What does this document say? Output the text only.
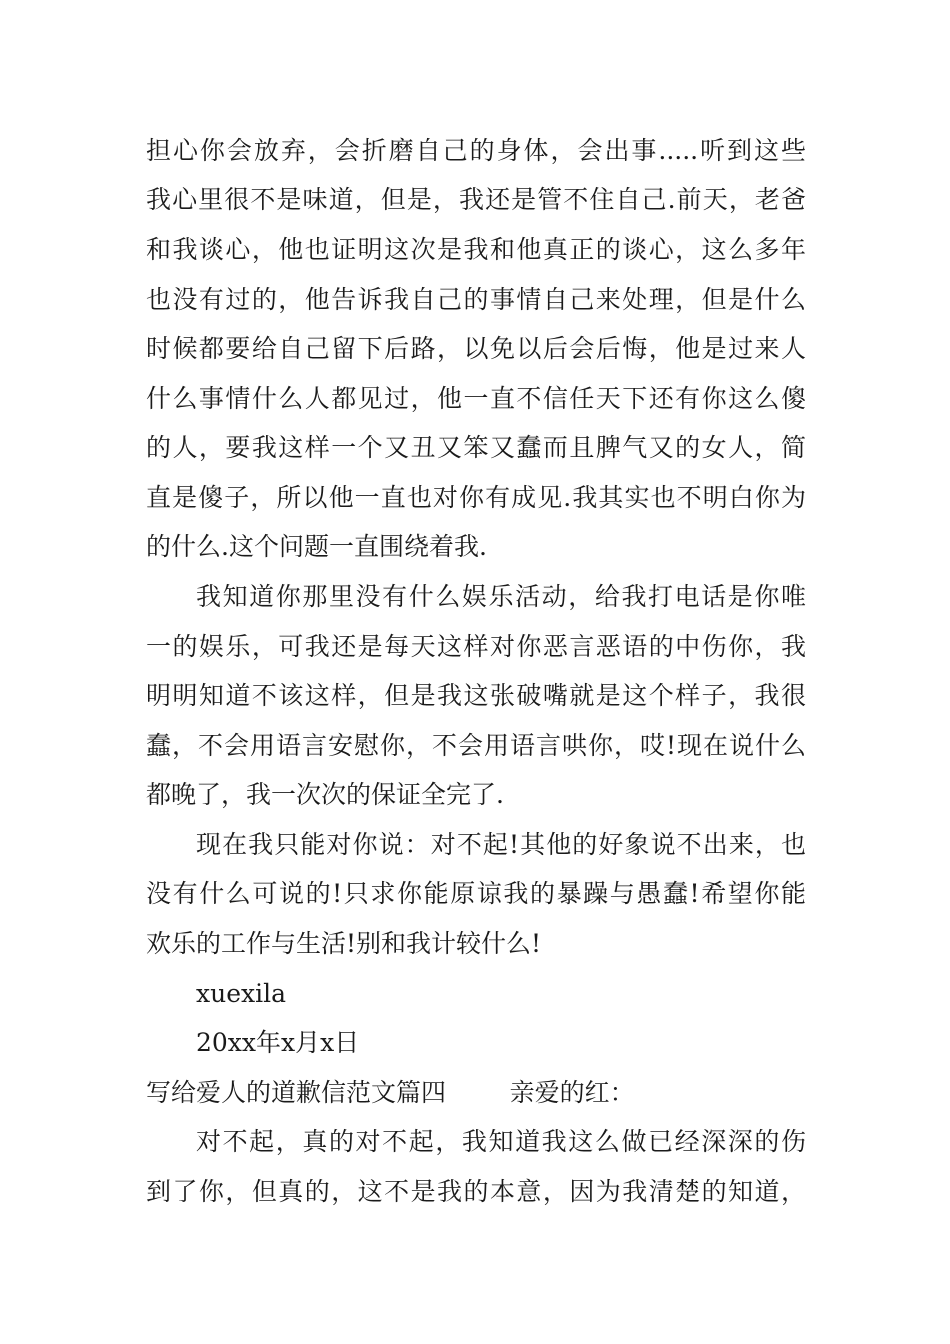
担心你会放弃，会折磨自己的身体，会出事.....听到这些
我心里很不是味道，但是，我还是管不住自己.前天，老爸
和我谈心，他也证明这次是我和他真正的谈心，这么多年
也没有过的，他告诉我自己的事情自己来处理，但是什么
时候都要给自己留下后路，以免以后会后悔，他是过来人
什么事情什么人都见过，他一直不信任天下还有你这么傻
的人，要我这样一个又丑又笨又蠢而且脾气又的女人，简
直是傻子，所以他一直也对你有成见.我其实也不明白你为
的什么.这个问题一直围绕着我.
我知道你那里没有什么娱乐活动，给我打电话是你唯
一的娱乐，可我还是每天这样对你恶言恶语的中伤你，我
明明知道不该这样，但是我这张破嘴就是这个样子，我很
蠢，不会用语言安慰你，不会用语言哄你，哎!现在说什么
都晚了，我一次次的保证全完了.
现在我只能对你说：对不起!其他的好象说不出来，也
没有什么可说的!只求你能原谅我的暴躁与愚蠢!希望你能
欢乐的工作与生活!别和我计较什么!
xuexila
20xx年x月x日
写给爱人的道歉信范文篇四        亲爱的红：
对不起，真的对不起，我知道我这么做已经深深的伤
到了你，但真的，这不是我的本意，因为我清楚的知道，
